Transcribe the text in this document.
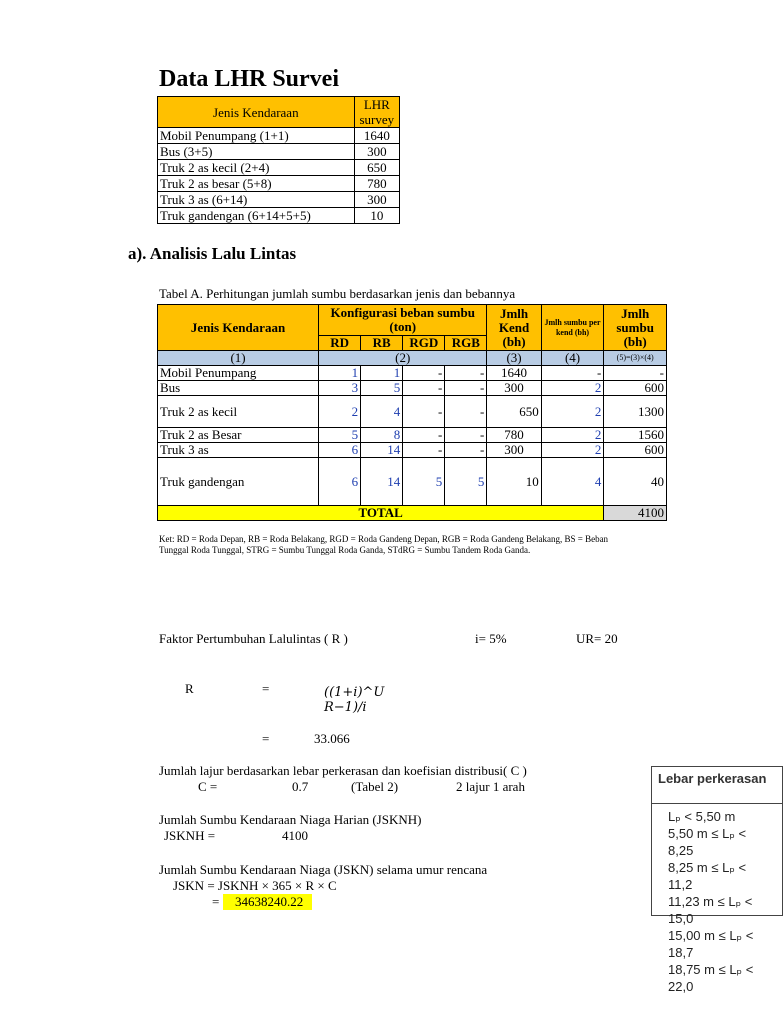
Data LHR Survei
Jenis Kendaraan	LHR survey
Mobil Penumpang (1+1)	1640
Bus (3+5)	300
Truk 2 as kecil (2+4)	650
Truk 2 as besar (5+8)	780
Truk 3 as (6+14)	300
Truk gandengan (6+14+5+5)	10
a). Analisis Lalu Lintas
Tabel A. Perhitungan jumlah sumbu berdasarkan jenis dan bebannya
Jenis Kendaraan	Konfigurasi beban sumbu (ton)				Jmlh Kend (bh)	Jmlh sumbu per kend (bh)	Jmlh sumbu (bh)
	RD	RB	RGD	RGB			
(1)	(2)				(3)	(4)	(5)=(3)×(4)
Mobil Penumpang	1	1	-	-	1640	-	-
Bus	3	5	-	-	300	2	600
Truk 2 as kecil	2	4	-	-	650	2	1300
Truk 2 as Besar	5	8	-	-	780	2	1560
Truk 3 as	6	14	-	-	300	2	600
Truk gandengan	6	14	5	5	10	4	40
TOTAL							4100
Ket: RD = Roda Depan, RB = Roda Belakang, RGD = Roda Gandeng Depan, RGB = Roda Gandeng Belakang, BS = Beban
Tunggal Roda Tunggal, STRG = Sumbu Tunggal Roda Ganda, STdRG = Sumbu Tandem Roda Ganda.
Faktor Pertumbuhan Lalulintas ( R )	i= 5%	UR= 20
R	=	((1+𝑖)^𝑈
𝑅−1)/𝑖
=	33.066
Jumlah lajur berdasarkan lebar perkerasan dan koefisian distribusi( C )
C =	0.7	(Tabel 2)	2 lajur 1 arah
Jumlah Sumbu Kendaraan Niaga Harian (JSKNH)
JSKNH =	4100
Jumlah Sumbu Kendaraan Niaga (JSKN) selama umur rencana
JSKN = JSKNH × 365 × R × C
=	34638240.22
Lebar perkerasan
Lₚ < 5,50 m
5,50 m ≤ Lₚ < 8,25
8,25 m ≤ Lₚ < 11,2
11,23 m ≤ Lₚ < 15,0
15,00 m ≤ Lₚ < 18,7
18,75 m ≤ Lₚ < 22,0
